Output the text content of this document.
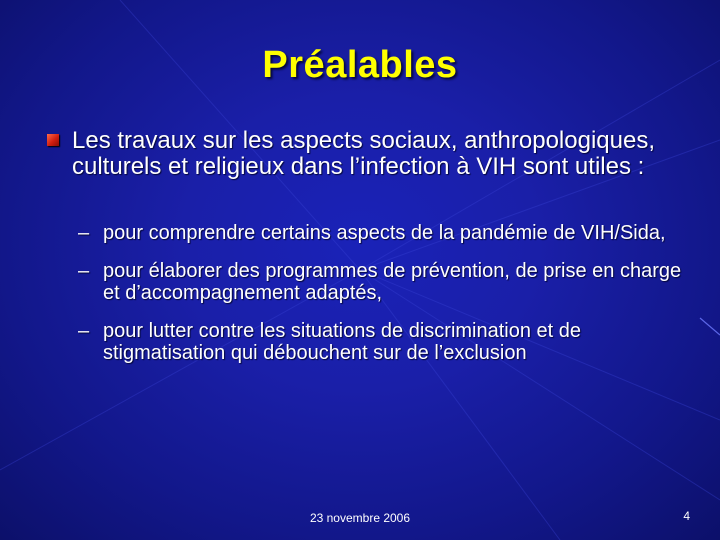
Préalables
Les travaux sur les aspects sociaux, anthropologiques, culturels et religieux dans l’infection à VIH sont utiles :
– pour comprendre certains aspects de la pandémie de VIH/Sida,
– pour élaborer des programmes de prévention, de prise en charge et d’accompagnement adaptés,
– pour lutter contre les situations de discrimination et de stigmatisation qui débouchent sur de l’exclusion
23 novembre 2006	4
